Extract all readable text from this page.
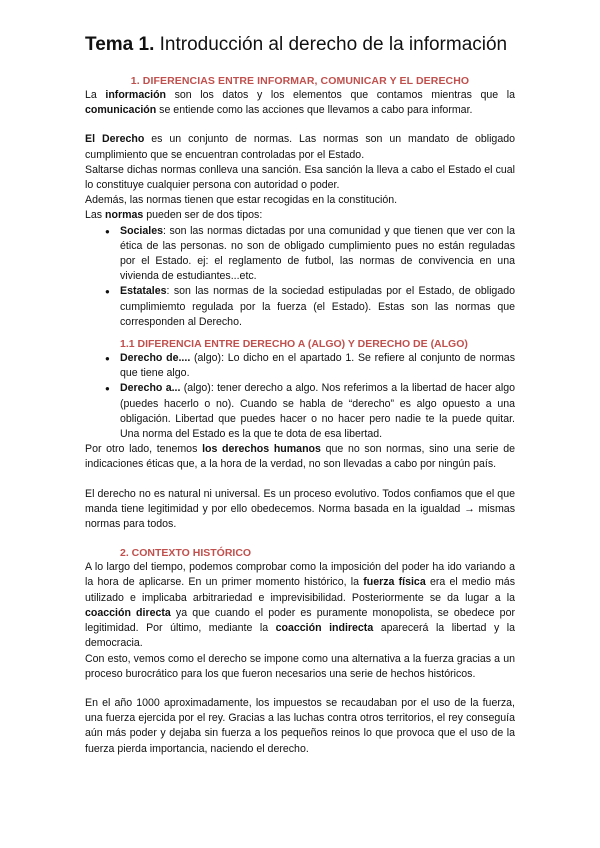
Tema 1. Introducción al derecho de la información
1. DIFERENCIAS ENTRE INFORMAR, COMUNICAR Y EL DERECHO

La información son los datos y los elementos que contamos mientras que la comunicación se entiende como las acciones que llevamos a cabo para informar.

El Derecho es un conjunto de normas. Las normas son un mandato de obligado cumplimiento que se encuentran controladas por el Estado.

Saltarse dichas normas conlleva una sanción. Esa sanción la lleva a cabo el Estado el cual lo constituye cualquier persona con autoridad o poder.

Además, las normas tienen que estar recogidas en la constitución.

Las normas pueden ser de dos tipos:

● Sociales: son las normas dictadas por una comunidad y que tienen que ver con la ética de las personas. no son de obligado cumplimiento pues no están reguladas por el Estado. ej: el reglamento de futbol, las normas de convivencia en una vivienda de estudiantes...etc.
● Estatales: son las normas de la sociedad estipuladas por el Estado, de obligado cumplimiemto regulada por la fuerza (el Estado). Estas son las normas que corresponden al Derecho.
1.1 DIFERENCIA ENTRE DERECHO A (ALGO) Y DERECHO DE (ALGO)
● Derecho de.... (algo): Lo dicho en el apartado 1. Se refiere al conjunto de normas que tiene algo.
● Derecho a... (algo): tener derecho a algo. Nos referimos a la libertad de hacer algo (puedes hacerlo o no). Cuando se habla de “derecho” es algo opuesto a una obligación. Libertad que puedes hacer o no hacer pero nadie te la puede quitar. Una norma del Estado es la que te dota de esa libertad.

Por otro lado, tenemos los derechos humanos que no son normas, sino una serie de indicaciones éticas que, a la hora de la verdad, no son llevadas a cabo por ningún país.

El derecho no es natural ni universal. Es un proceso evolutivo. Todos confiamos que el que manda tiene legitimidad y por ello obedecemos. Norma basada en la igualdad → mismas normas para todos.

2. CONTEXTO HISTÓRICO

A lo largo del tiempo, podemos comprobar como la imposición del poder ha ido variando a la hora de aplicarse. En un primer momento histórico, la fuerza física era el medio más utilizado e implicaba arbitrariedad e imprevisibilidad. Posteriormente se da lugar a la coacción directa ya que cuando el poder es puramente monopolista, se obedece por legitimidad. Por último, mediante la coacción indirecta aparecerá la libertad y la democracia.

Con esto, vemos como el derecho se impone como una alternativa a la fuerza gracias a un proceso burocrático para los que fueron necesarios una serie de hechos históricos.

En el año 1000 aproximadamente, los impuestos se recaudaban por el uso de la fuerza, una fuerza ejercida por el rey. Gracias a las luchas contra otros territorios, el rey conseguía aún más poder y dejaba sin fuerza a los pequeños reinos lo que provoca que el uso de la fuerza pierda importancia, naciendo el derecho.
